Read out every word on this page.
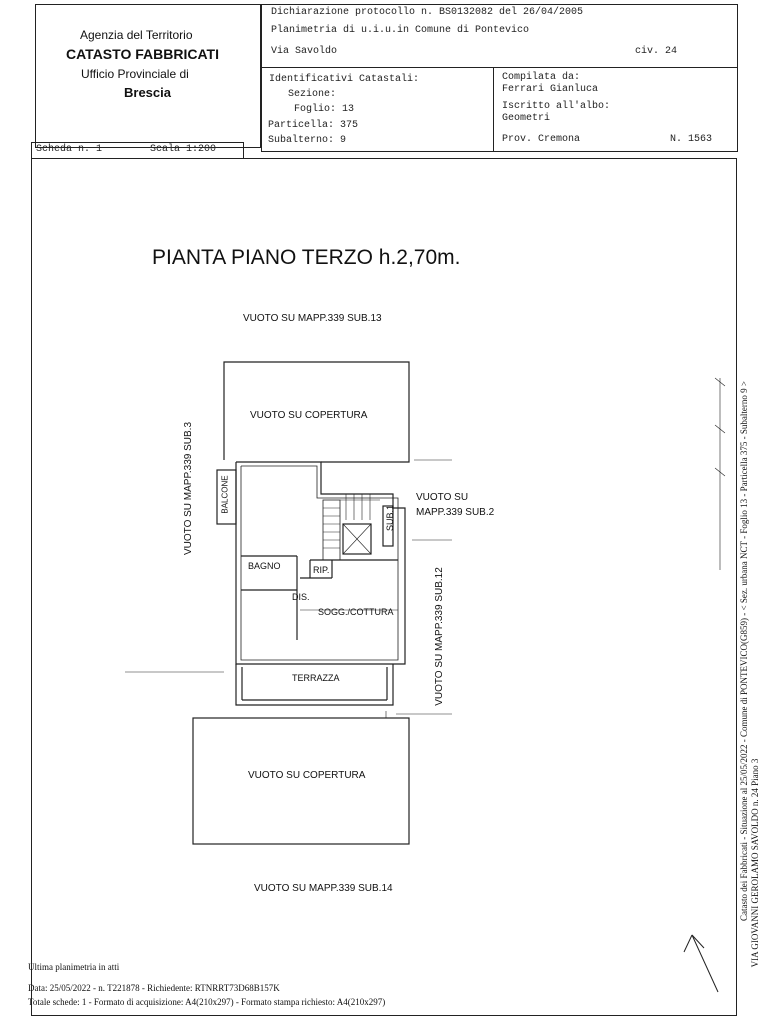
Agenzia del Territorio
CATASTO FABBRICATI
Ufficio Provinciale di
Brescia
Dichiarazione protocollo n. BS0132082 del 26/04/2005
Planimetria di u.i.u.in Comune di Pontevico
Via Savoldo	civ. 24
Identificativi Catastali:
Sezione:
Foglio: 13
Particella: 375
Subalterno: 9
Compilata da:
Ferrari Gianluca
Iscritto all'albo:
Geometri
Prov. Cremona	N. 1563
Scheda n. 1	Scala 1:200
PIANTA PIANO TERZO h.2,70m.
VUOTO SU MAPP.339 SUB.13
VUOTO SU COPERTURA
VUOTO SU MAPP.339 SUB.3	BALCONE	VUOTO SU
MAPP.339 SUB.2
SUB.1
BAGNO	RIP.
DIS.
SOGG./COTTURA	VUOTO SU MAPP.339 SUB.12
TERRAZZA
VUOTO SU COPERTURA
VUOTO SU MAPP.339 SUB.14	Catasto dei Fabbricati - Situazione al 25/05/2022 - Comune di PONTEVICO(G859) - < Sez. urbana NCT - Foglio 13 - Particella 375 - Subalterno 9 > VIA GIOVANNI GEROLAMO SAVOLDO n. 24 Piano 3
Ultima planimetria in atti
Data: 25/05/2022 - n. T221878 - Richiedente: RTNRRT73D68B157K
Totale schede: 1 - Formato di acquisizione: A4(210x297) - Formato stampa richiesto: A4(210x297)
